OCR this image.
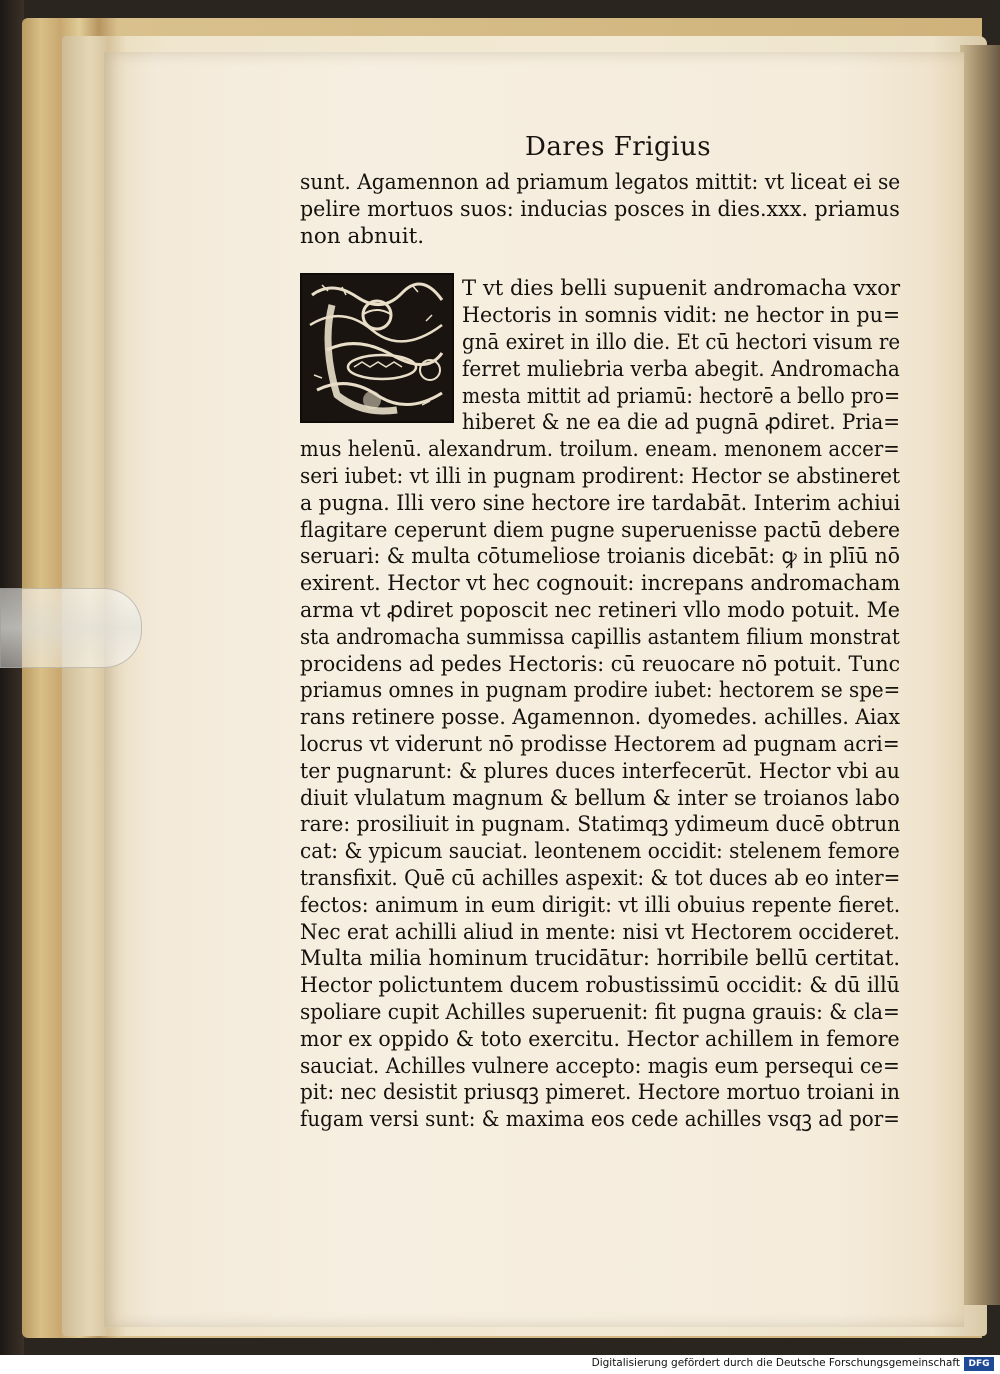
Dares Frigius
sunt. Agamennon ad priamum legatos mittit: vt liceat ei se
pelire mortuos suos: inducias posces in dies.xxx. priamus
non abnuit.
T vt dies belli supuenit andromacha vxor
Hectoris in somnis vidit: ne hector in pu=
gnā exiret in illo die. Et cū hectori visum re
ferret muliebria verba abegit. Andromacha
mesta mittit ad priamū: hectorē a bello pro=
hiberet & ne ea die ad pugnā ꝓdiret. Pria=
mus helenū. alexandrum. troilum. eneam. menonem accer=
seri iubet: vt illi in pugnam prodirent: Hector se abstineret
a pugna. Illi vero sine hectore ire tardabāt. Interim achiui
flagitare ceperunt diem pugne superuenisse pactū debere
seruari: & multa cōtumeliose troianis dicebāt: ꝙ in plīū nō
exirent. Hector vt hec cognouit: increpans andromacham
arma vt ꝓdiret poposcit nec retineri vllo modo potuit. Me
sta andromacha summissa capillis astantem filium monstrat
procidens ad pedes Hectoris: cū reuocare nō potuit. Tunc
priamus omnes in pugnam prodire iubet: hectorem se spe=
rans retinere posse. Agamennon. dyomedes. achilles. Aiax
locrus vt viderunt nō prodisse Hectorem ad pugnam acri=
ter pugnarunt: & plures duces interfecerūt. Hector vbi au
diuit vlulatum magnum & bellum & inter se troianos labo
rare: prosiliuit in pugnam. Statimqꝫ ydimeum ducē obtrun
cat: & ypicum sauciat. leontenem occidit: stelenem femore
transfixit. Quē cū achilles aspexit: & tot duces ab eo inter=
fectos: animum in eum dirigit: vt illi obuius repente fieret.
Nec erat achilli aliud in mente: nisi vt Hectorem occideret.
Multa milia hominum trucidātur: horribile bellū certitat.
Hector polictuntem ducem robustissimū occidit: & dū illū
spoliare cupit Achilles superuenit: fit pugna grauis: & cla=
mor ex oppido & toto exercitu. Hector achillem in femore
sauciat. Achilles vulnere accepto: magis eum persequi ce=
pit: nec desistit priusqꝫ pimeret. Hectore mortuo troiani in
fugam versi sunt: & maxima eos cede achilles vsqꝫ ad por=
Digitalisierung gefördert durch die Deutsche Forschungsgemeinschaft DFG
